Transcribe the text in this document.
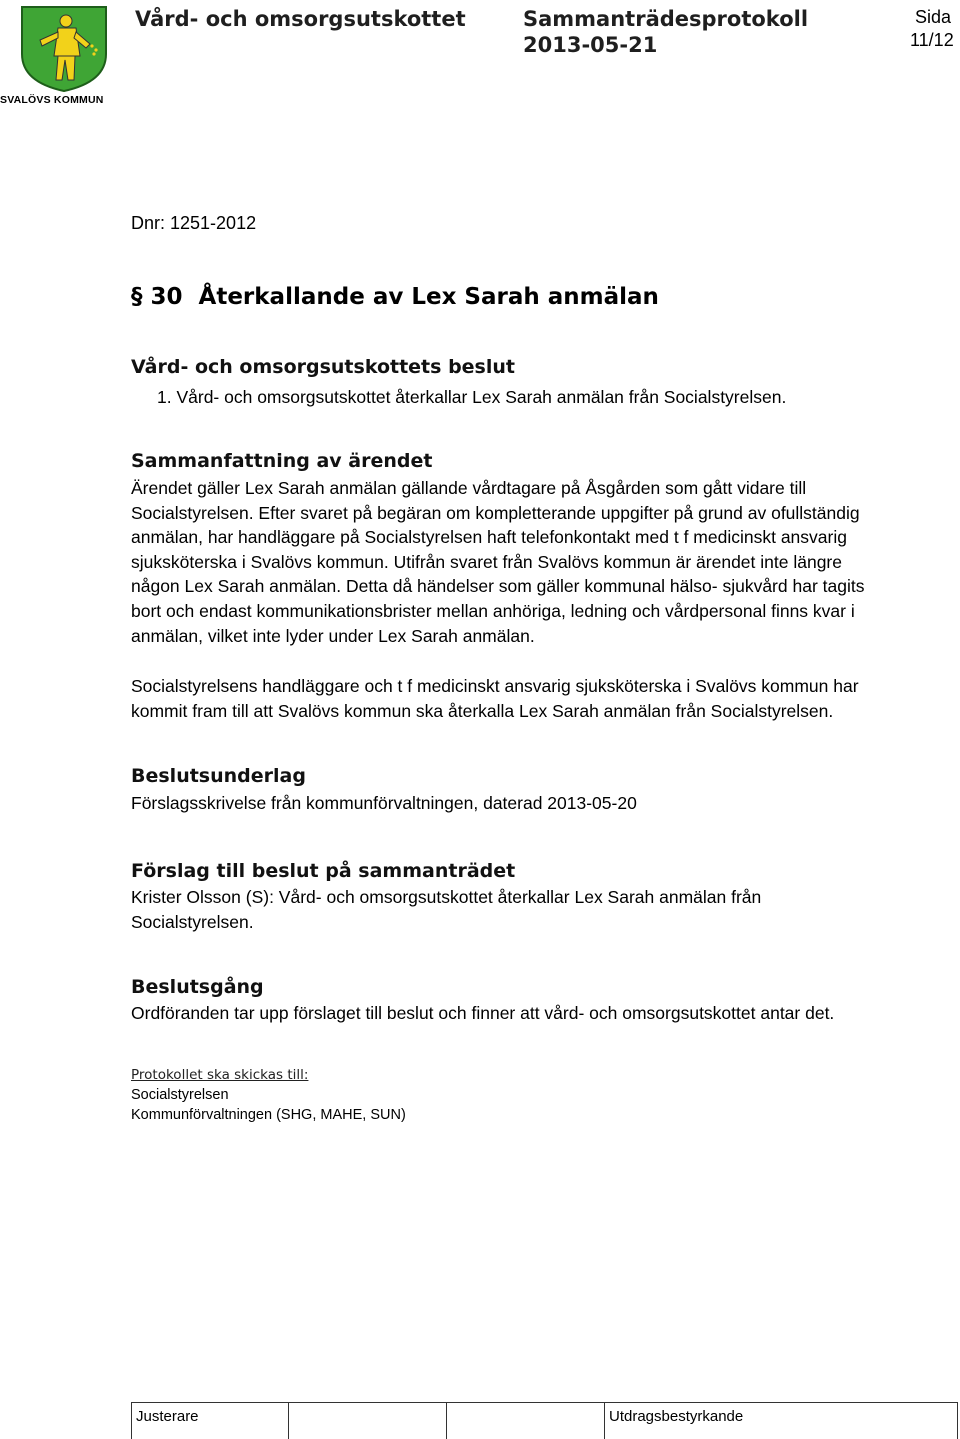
SVALÖVS KOMMUN
Vård- och omsorgsutskottet	Sammanträdesprotokoll
2013-05-21
Sida
11/12
Dnr: 1251-2012
§ 30  Återkallande av Lex Sarah anmälan
Vård- och omsorgsutskottets beslut
1. Vård- och omsorgsutskottet återkallar Lex Sarah anmälan från Socialstyrelsen.
Sammanfattning av ärendet
Ärendet gäller Lex Sarah anmälan gällande vårdtagare på Åsgården som gått vidare till
Socialstyrelsen. Efter svaret på begäran om kompletterande uppgifter på grund av ofullständig
anmälan, har handläggare på Socialstyrelsen haft telefonkontakt med t f medicinskt ansvarig
sjuksköterska i Svalövs kommun. Utifrån svaret från Svalövs kommun är ärendet inte längre
någon Lex Sarah anmälan. Detta då händelser som gäller kommunal hälso- sjukvård har tagits
bort och endast kommunikationsbrister mellan anhöriga, ledning och vårdpersonal finns kvar i
anmälan, vilket inte lyder under Lex Sarah anmälan.
Socialstyrelsens handläggare och t f medicinskt ansvarig sjuksköterska i Svalövs kommun har
kommit fram till att Svalövs kommun ska återkalla Lex Sarah anmälan från Socialstyrelsen.
Beslutsunderlag
Förslagsskrivelse från kommunförvaltningen, daterad 2013-05-20
Förslag till beslut på sammanträdet
Krister Olsson (S): Vård- och omsorgsutskottet återkallar Lex Sarah anmälan från
Socialstyrelsen.
Beslutsgång
Ordföranden tar upp förslaget till beslut och finner att vård- och omsorgsutskottet antar det.
Protokollet ska skickas till:
Socialstyrelsen
Kommunförvaltningen (SHG, MAHE, SUN)
Justerare	Utdragsbestyrkande
